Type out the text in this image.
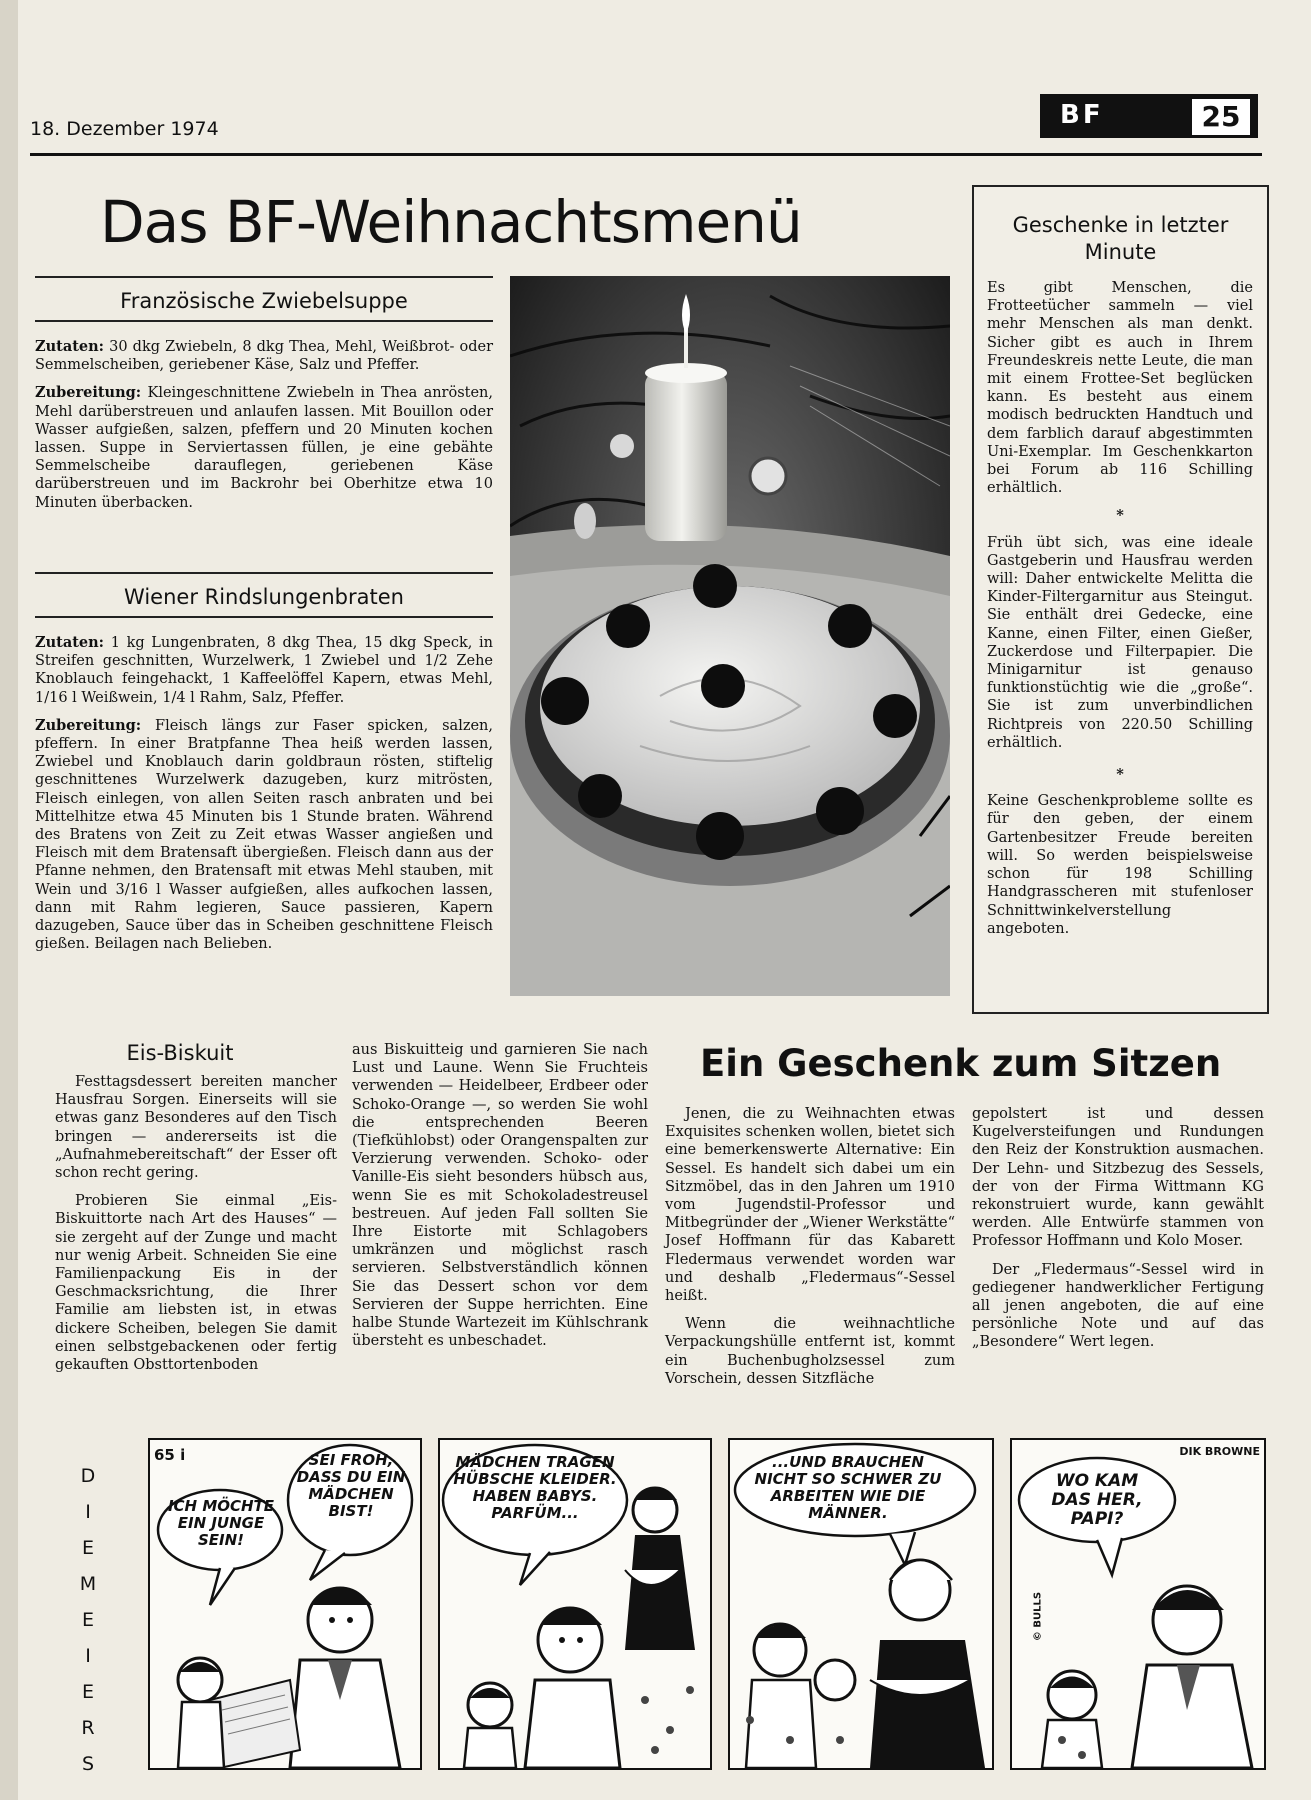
18. Dezember 1974	BF	25
Das BF-Weihnachtsmenü
Französische Zwiebelsuppe

Zutaten: 30 dkg Zwiebeln, 8 dkg Thea, Mehl, Weißbrot- oder Semmelscheiben, geriebener Käse, Salz und Pfeffer.

Zubereitung: Kleingeschnittene Zwiebeln in Thea anrösten, Mehl darüberstreuen und anlaufen lassen. Mit Bouillon oder Wasser aufgießen, salzen, pfeffern und 20 Minuten kochen lassen. Suppe in Serviertassen füllen, je eine gebähte Semmelscheibe darauflegen, geriebenen Käse darüberstreuen und im Backrohr bei Oberhitze etwa 10 Minuten überbacken.

Wiener Rindslungenbraten

Zutaten: 1 kg Lungenbraten, 8 dkg Thea, 15 dkg Speck, in Streifen geschnitten, Wurzelwerk, 1 Zwiebel und 1/2 Zehe Knoblauch feingehackt, 1 Kaffeelöffel Kapern, etwas Mehl, 1/16 l Weißwein, 1/4 l Rahm, Salz, Pfeffer.

Zubereitung: Fleisch längs zur Faser spicken, salzen, pfeffern. In einer Bratpfanne Thea heiß werden lassen, Zwiebel und Knoblauch darin goldbraun rösten, stiftelig geschnittenes Wurzelwerk dazugeben, kurz mitrösten, Fleisch einlegen, von allen Seiten rasch anbraten und bei Mittelhitze etwa 45 Minuten bis 1 Stunde braten. Während des Bratens von Zeit zu Zeit etwas Wasser angießen und Fleisch mit dem Bratensaft übergießen. Fleisch dann aus der Pfanne nehmen, den Bratensaft mit etwas Mehl stauben, mit Wein und 3/16 l Wasser aufgießen, alles aufkochen lassen, dann mit Rahm legieren, Sauce passieren, Kapern dazugeben, Sauce über das in Scheiben geschnittene Fleisch gießen. Beilagen nach Belieben.

Geschenke in letzter Minute

Es gibt Menschen, die Frotteetücher sammeln — viel mehr Menschen als man denkt. Sicher gibt es auch in Ihrem Freundeskreis nette Leute, die man mit einem Frottee-Set beglücken kann. Es besteht aus einem modisch bedruckten Handtuch und dem farblich darauf abgestimmten Uni-Exemplar. Im Geschenkkarton bei Forum ab 116 Schilling erhältlich.

*

Früh übt sich, was eine ideale Gastgeberin und Hausfrau werden will: Daher entwickelte Melitta die Kinder-Filtergarnitur aus Steingut. Sie enthält drei Gedecke, eine Kanne, einen Filter, einen Gießer, Zuckerdose und Filterpapier. Die Minigarnitur ist genauso funktionstüchtig wie die „große“. Sie ist zum unverbindlichen Richtpreis von 220.50 Schilling erhältlich.

*

Keine Geschenkprobleme sollte es für den geben, der einem Gartenbesitzer Freude bereiten will. So werden beispielsweise schon für 198 Schilling Handgrasscheren mit stufenloser Schnittwinkelverstellung angeboten.

Eis-Biskuit

Festtagsdessert bereiten mancher Hausfrau Sorgen. Einerseits will sie etwas ganz Besonderes auf den Tisch bringen — andererseits ist die „Aufnahmebereitschaft“ der Esser oft schon recht gering.

Probieren Sie einmal „Eis-Biskuittorte nach Art des Hauses“ — sie zergeht auf der Zunge und macht nur wenig Arbeit. Schneiden Sie eine Familienpackung Eis in der Geschmacksrichtung, die Ihrer Familie am liebsten ist, in etwas dickere Scheiben, belegen Sie damit einen selbstgebackenen oder fertig gekauften Obsttortenboden

aus Biskuitteig und garnieren Sie nach Lust und Laune. Wenn Sie Fruchteis verwenden — Heidelbeer, Erdbeer oder Schoko-Orange —, so werden Sie wohl die entsprechenden Beeren (Tiefkühlobst) oder Orangenspalten zur Verzierung verwenden. Schoko- oder Vanille-Eis sieht besonders hübsch aus, wenn Sie es mit Schokoladestreusel bestreuen. Auf jeden Fall sollten Sie Ihre Eistorte mit Schlagobers umkränzen und möglichst rasch servieren. Selbstverständlich können Sie das Dessert schon vor dem Servieren der Suppe herrichten. Eine halbe Stunde Wartezeit im Kühlschrank übersteht es unbeschadet.

Ein Geschenk zum Sitzen

Jenen, die zu Weihnachten etwas Exquisites schenken wollen, bietet sich eine bemerkenswerte Alternative: Ein Sessel. Es handelt sich dabei um ein Sitzmöbel, das in den Jahren um 1910 vom Jugendstil-Professor und Mitbegründer der „Wiener Werkstätte“ Josef Hoffmann für das Kabarett Fledermaus verwendet worden war und deshalb „Fledermaus“-Sessel heißt.

Wenn die weihnachtliche Verpackungshülle entfernt ist, kommt ein Buchenbugholzsessel zum Vorschein, dessen Sitzfläche

gepolstert ist und dessen Kugelversteifungen und Rundungen den Reiz der Konstruktion ausmachen. Der Lehn- und Sitzbezug des Sessels, der von der Firma Wittmann KG rekonstruiert wurde, kann gewählt werden. Alle Entwürfe stammen von Professor Hoffmann und Kolo Moser.

Der „Fledermaus“-Sessel wird in gediegener handwerklicher Fertigung all jenen angeboten, die auf eine persönliche Note und auf das „Besondere“ Wert legen.

D
I
E
M
E
I
E
R
S
65 i
ICH MÖCHTE EIN JUNGE SEIN!
SEI FROH, DASS DU EIN MÄDCHEN BIST!
MÄDCHEN TRAGEN HÜBSCHE KLEIDER. HABEN BABYS. PARFÜM...
...UND BRAUCHEN NICHT SO SCHWER ZU ARBEITEN WIE DIE MÄNNER.
DIK BROWNE
WO KAM DAS HER, PAPI?
© BULLS
